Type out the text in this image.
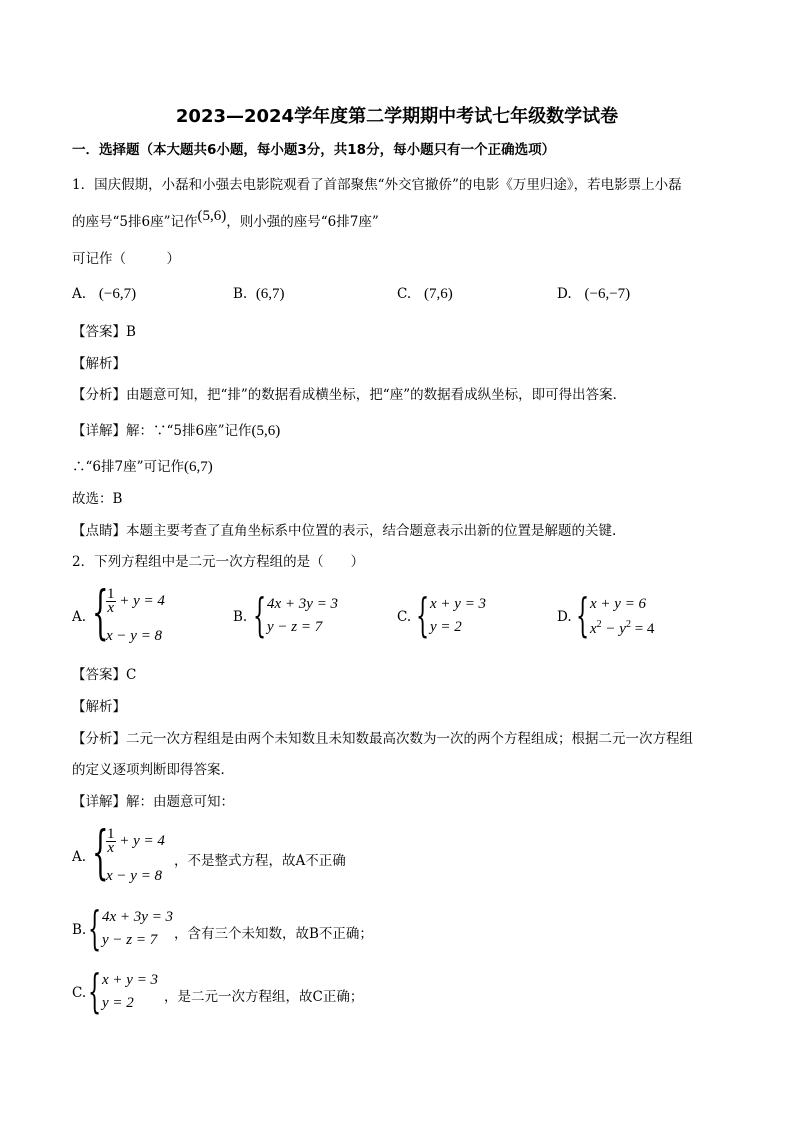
2023—2024学年度第二学期期中考试七年级数学试卷
一．选择题（本大题共6小题，每小题3分，共18分，每小题只有一个正确选项）
1．国庆假期，小磊和小强去电影院观看了首部聚焦“外交官撤侨”的电影《万里归途》，若电影票上小磊
的座号“5排6座”记作(5,6)，则小强的座号“6排7座”
可记作（　　　）
A. (−6,7)	B. (6,7)	C. (7,6)	D. (−6,−7)
【答案】B
【解析】
【分析】由题意可知，把“排”的数据看成横坐标，把“座”的数据看成纵坐标，即可得出答案．
【详解】解：∵“5排6座”记作(5,6)
∴“6排7座”可记作(6,7)
故选：B
【点睛】本题主要考查了直角坐标系中位置的表示，结合题意表示出新的位置是解题的关键.
2．下列方程组中是二元一次方程组的是（　　）
A. {
$\frac{1}{x} + y = 4$
x − y = 8
B. { 4x + 3y = 3
y − z = 7
C. { x + y = 3
y = 2
D. { x + y = 6
$x^2 - y^2 = 4$
【答案】C
【解析】
【分析】二元一次方程组是由两个未知数且未知数最高次数为一次的两个方程组成；根据二元一次方程组
的定义逐项判断即得答案．
【详解】解：由题意可知：
A. {
$\frac{1}{x} + y = 4$
x − y = 8
，不是整式方程，故A不正确
B. { 4x + 3y = 3
y − z = 7 ，含有三个未知数，故B不正确；
C. { x + y = 3
y = 2 ，是二元一次方程组，故C正确；
